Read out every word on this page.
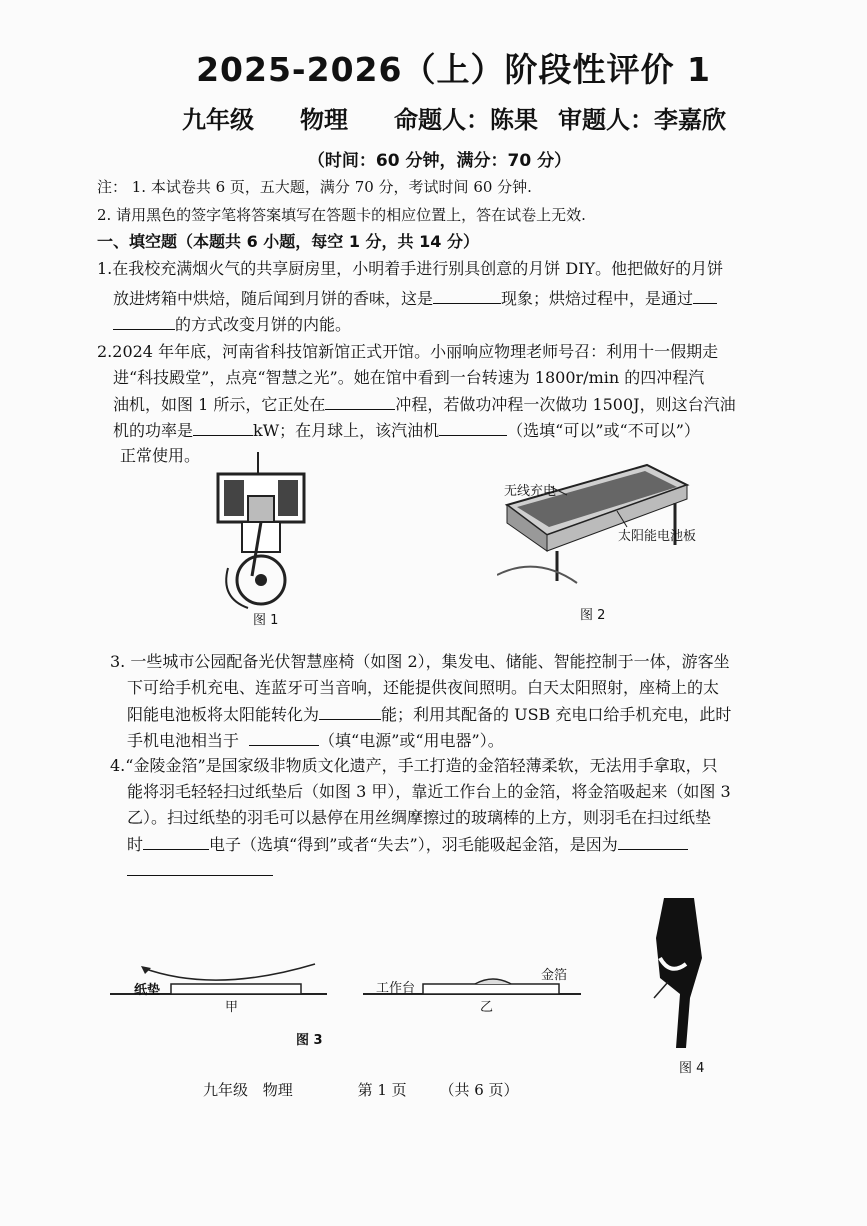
2025-2026（上）阶段性评价 1
九年级 物理 命题人：陈果 审题人：李嘉欣
（时间：60 分钟，满分：70 分）
注： 1. 本试卷共 6 页，五大题，满分 70 分，考试时间 60 分钟.
2. 请用黑色的签字笔将答案填写在答题卡的相应位置上，答在试卷上无效.
一、填空题（本题共 6 小题，每空 1 分，共 14 分）
1.在我校充满烟火气的共享厨房里，小明着手进行别具创意的月饼 DIY。他把做好的月饼
放进烤箱中烘焙，随后闻到月饼的香味，这是	现象；烘焙过程中，是通过
的方式改变月饼的内能。
2.2024 年年底，河南省科技馆新馆正式开馆。小丽响应物理老师号召：利用十一假期走
进“科技殿堂”，点亮“智慧之光”。她在馆中看到一台转速为 1800r/min 的四冲程汽
油机，如图 1 所示，它正处在	冲程，若做功冲程一次做功 1500J，则这台汽油
机的功率是	kW；在月球上，该汽油机	（选填“可以”或“不可以”）
正常使用。
图 1
无线充电
太阳能电池板
图 2
3. 一些城市公园配备光伏智慧座椅（如图 2），集发电、储能、智能控制于一体，游客坐
下可给手机充电、连蓝牙可当音响，还能提供夜间照明。白天太阳照射，座椅上的太
阳能电池板将太阳能转化为	能；利用其配备的 USB 充电口给手机充电，此时
手机电池相当于	（填“电源”或“用电器”）。
4.“金陵金箔”是国家级非物质文化遗产，手工打造的金箔轻薄柔软，无法用手拿取，只
能将羽毛轻轻扫过纸垫后（如图 3 甲），靠近工作台上的金箔，将金箔吸起来（如图 3
乙）。扫过纸垫的羽毛可以悬停在用丝绸摩擦过的玻璃棒的上方，则羽毛在扫过纸垫
时	电子（选填“得到”或者“失去”），羽毛能吸起金箔，是因为
纸垫
甲
工作台
金箔
乙
图 3
图 4
九年级 物理	第 1 页 （共 6 页）
